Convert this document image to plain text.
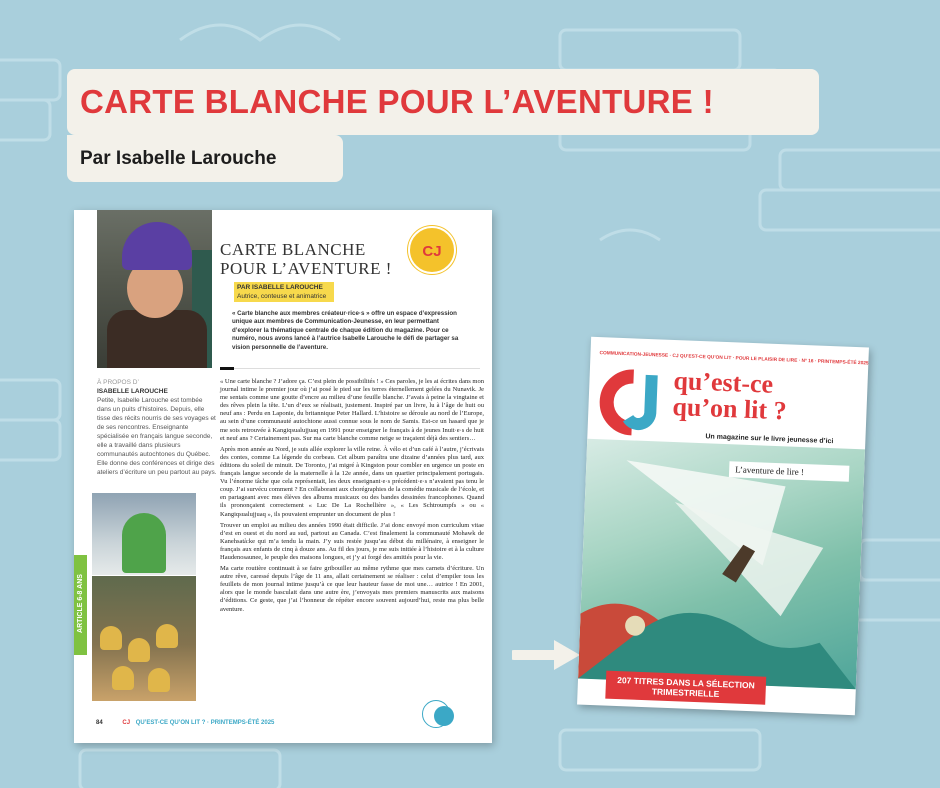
CARTE BLANCHE POUR L’AVENTURE !
Par Isabelle Larouche
CARTE BLANCHE
POUR L’AVENTURE !
CJ
PAR ISABELLE LAROUCHE
Autrice, conteuse et animatrice
« Carte blanche aux membres créateur·rice·s » offre un espace d’expression unique aux membres de Communication-Jeunesse, en leur permettant d’explorer la thématique centrale de chaque édition du magazine. Pour ce numéro, nous avons lancé à l’autrice Isabelle Larouche le défi de partager sa vision personnelle de l’aventure.
À PROPOS D’
ISABELLE LAROUCHE
Petite, Isabelle Larouche est tombée dans un puits d’histoires. Depuis, elle tisse des récits nourris de ses voyages et de ses rencontres. Enseignante spécialisée en français langue seconde, elle a travaillé dans plusieurs communautés autochtones du Québec. Elle donne des conférences et dirige des ateliers d’écriture un peu partout au pays.
ARTICLE 6-8 ANS

« Une carte blanche ? J’adore ça. C’est plein de possibilités ! » Ces paroles, je les ai écrites dans mon journal intime le premier jour où j’ai posé le pied sur les terres éternellement gelées du Nunavik. Je me sentais comme une goutte d’encre au milieu d’une feuille blanche. J’avais à peine la vingtaine et des rêves plein la tête. L’un d’eux se réalisait, justement. Inspiré par un livre, lu à l’âge de huit ou neuf ans : Perdu en Laponie, du britannique Peter Hallard. L’histoire se déroule au nord de l’Europe, au sein d’une communauté autochtone aussi connue sous le nom de Samis. Est-ce un hasard que je me sois retrouvée à Kangiqsualujjuaq en 1991 pour enseigner le français à de jeunes Inuit·e·s de huit et neuf ans ? Certainement pas. Sur ma carte blanche comme neige se traçaient déjà des sentiers…

Après mon année au Nord, je suis allée explorer la ville reine. À vélo et d’un café à l’autre, j’écrivais des contes, comme La légende du corbeau. Cet album paraîtra une dizaine d’années plus tard, aux éditions du soleil de minuit. De Toronto, j’ai migré à Kingston pour combler en urgence un poste en français langue seconde de la maternelle à la 12e année, dans un quartier principalement portugais. Vu l’énorme tâche que cela représentait, les deux enseignant·e·s précédent·e·s n’avaient pas tenu le coup. J’ai survécu comment ? En collaborant aux chorégraphies de la comédie musicale de l’école, et en partageant avec mes élèves des albums musicaux ou des bandes dessinées francophones. Quand ils prononçaient correctement « Luc De La Rochellière », « Les Schtroumpfs » ou « Kangiqsualujjuaq », ils pouvaient emprunter un document de plus !

Trouver un emploi au milieu des années 1990 était difficile. J’ai donc envoyé mon curriculum vitae d’est en ouest et du nord au sud, partout au Canada. C’est finalement la communauté Mohawk de Kanehsatà:ke qui m’a tendu la main. J’y suis restée jusqu’au début du millénaire, à enseigner le français aux enfants de cinq à douze ans. Au fil des jours, je me suis initiée à l’histoire et à la culture Haudenosaunee, le peuple des maisons longues, et j’y ai forgé des amitiés pour la vie.

Ma carte routière continuait à se faire gribouiller au même rythme que mes carnets d’écriture. Un autre rêve, caressé depuis l’âge de 11 ans, allait certainement se réaliser : celui d’empiler tous les feuillets de mon journal intime jusqu’à ce que leur hauteur fasse de moi une… autrice ! En 2001, alors que le monde basculait dans une autre ère, j’envoyais mes premiers manuscrits aux maisons d’éditions. Ce geste, que j’ai l’honneur de répéter encore souvent aujourd’hui, reste ma plus belle aventure.

84	CJ QU’EST-CE QU’ON LIT ? · PRINTEMPS-ÉTÉ 2025
COMMUNICATION-JEUNESSE · CJ QU’EST-CE QU’ON LIT · POUR LE PLAISIR DE LIRE · Nº 16 · PRINTEMPS-ÉTÉ 2025
qu’est-ce
qu’on lit ?
Un magazine sur le livre jeunesse d’ici
L’aventure de lire !
207 TITRES DANS LA SÉLECTION TRIMESTRIELLE
